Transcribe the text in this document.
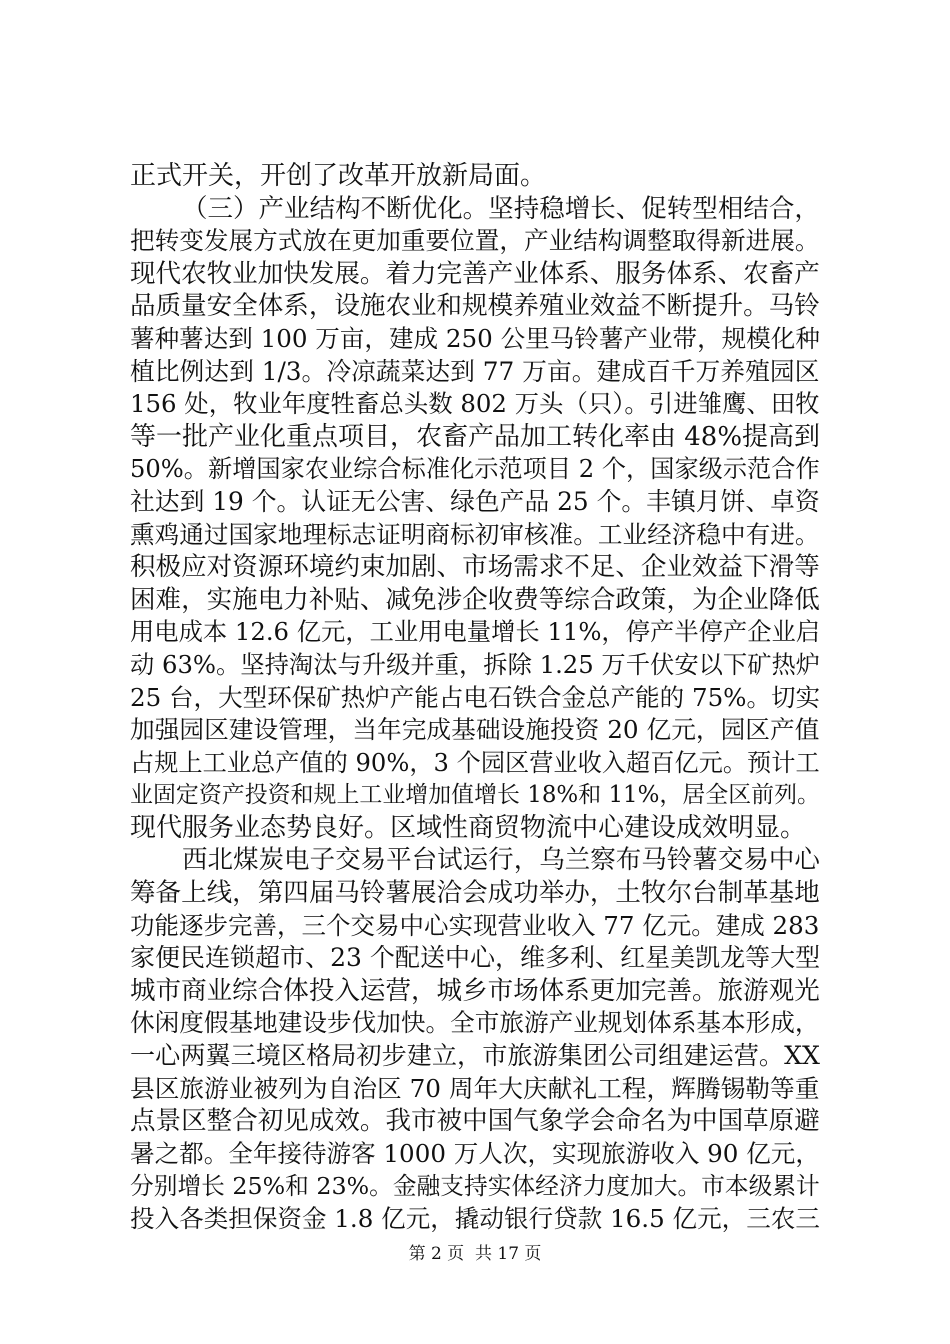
正式开关，开创了改革开放新局面。

（三）产业结构不断优化。坚持稳增长、促转型相结合，

把转变发展方式放在更加重要位置，产业结构调整取得新进展。

现代农牧业加快发展。着力完善产业体系、服务体系、农畜产

品质量安全体系，设施农业和规模养殖业效益不断提升。马铃

薯种薯达到 100 万亩，建成 250 公里马铃薯产业带，规模化种

植比例达到 1/3。冷凉蔬菜达到 77 万亩。建成百千万养殖园区

156 处，牧业年度牲畜总头数 802 万头（只）。引进雏鹰、田牧

等一批产业化重点项目，农畜产品加工转化率由 48%提高到

50%。新增国家农业综合标准化示范项目 2 个，国家级示范合作

社达到 19 个。认证无公害、绿色产品 25 个。丰镇月饼、卓资

熏鸡通过国家地理标志证明商标初审核准。工业经济稳中有进。

积极应对资源环境约束加剧、市场需求不足、企业效益下滑等

困难，实施电力补贴、减免涉企收费等综合政策，为企业降低

用电成本 12.6 亿元，工业用电量增长 11%，停产半停产企业启

动 63%。坚持淘汰与升级并重，拆除 1.25 万千伏安以下矿热炉

25 台，大型环保矿热炉产能占电石铁合金总产能的 75%。切实

加强园区建设管理，当年完成基础设施投资 20 亿元，园区产值

占规上工业总产值的 90%，3 个园区营业收入超百亿元。预计工

业固定资产投资和规上工业增加值增长 18%和 11%，居全区前列。

现代服务业态势良好。区域性商贸物流中心建设成效明显。

西北煤炭电子交易平台试运行，乌兰察布马铃薯交易中心

筹备上线，第四届马铃薯展洽会成功举办，土牧尔台制革基地

功能逐步完善，三个交易中心实现营业收入 77 亿元。建成 283

家便民连锁超市、23 个配送中心，维多利、红星美凯龙等大型

城市商业综合体投入运营，城乡市场体系更加完善。旅游观光

休闲度假基地建设步伐加快。全市旅游产业规划体系基本形成，

一心两翼三境区格局初步建立，市旅游集团公司组建运营。XX

县区旅游业被列为自治区 70 周年大庆献礼工程，辉腾锡勒等重

点景区整合初见成效。我市被中国气象学会命名为中国草原避

暑之都。全年接待游客 1000 万人次，实现旅游收入 90 亿元，

分别增长 25%和 23%。金融支持实体经济力度加大。市本级累计

投入各类担保资金 1.8 亿元，撬动银行贷款 16.5 亿元，三农三

第 2 页  共 17 页
